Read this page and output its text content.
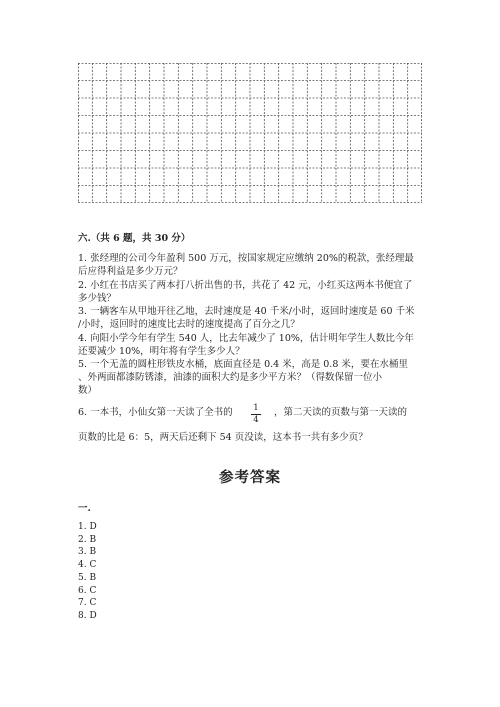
六.（共 6 题，共 30 分）
1. 张经理的公司今年盈利 500 万元，按国家规定应缴纳 20%的税款，张经理最
后应得利益是多少万元？
2. 小红在书店买了两本打八折出售的书，共花了 42 元，小红买这两本书便宜了
多少钱？
3. 一辆客车从甲地开往乙地，去时速度是 40 千米/小时，返回时速度是 60 千米
/小时，返回时的速度比去时的速度提高了百分之几？
4. 向阳小学今年有学生 540 人，比去年减少了 10%，估计明年学生人数比今年
还要减少 10%，明年将有学生多少人？
5. 一个无盖的圆柱形铁皮水桶，底面直径是 0.4 米，高是 0.8 米，要在水桶里
、外两面都漆防锈漆，油漆的面积大约是多少平方米？（得数保留一位小
数）
6. 一本书，小仙女第一天读了全书的	1
4
，第二天读的页数与第一天读的
页数的比是 6：5，两天后还剩下 54 页没读，这本书一共有多少页？
参考答案
一.
1. D
2. B
3. B
4. C
5. B
6. C
7. C
8. D
